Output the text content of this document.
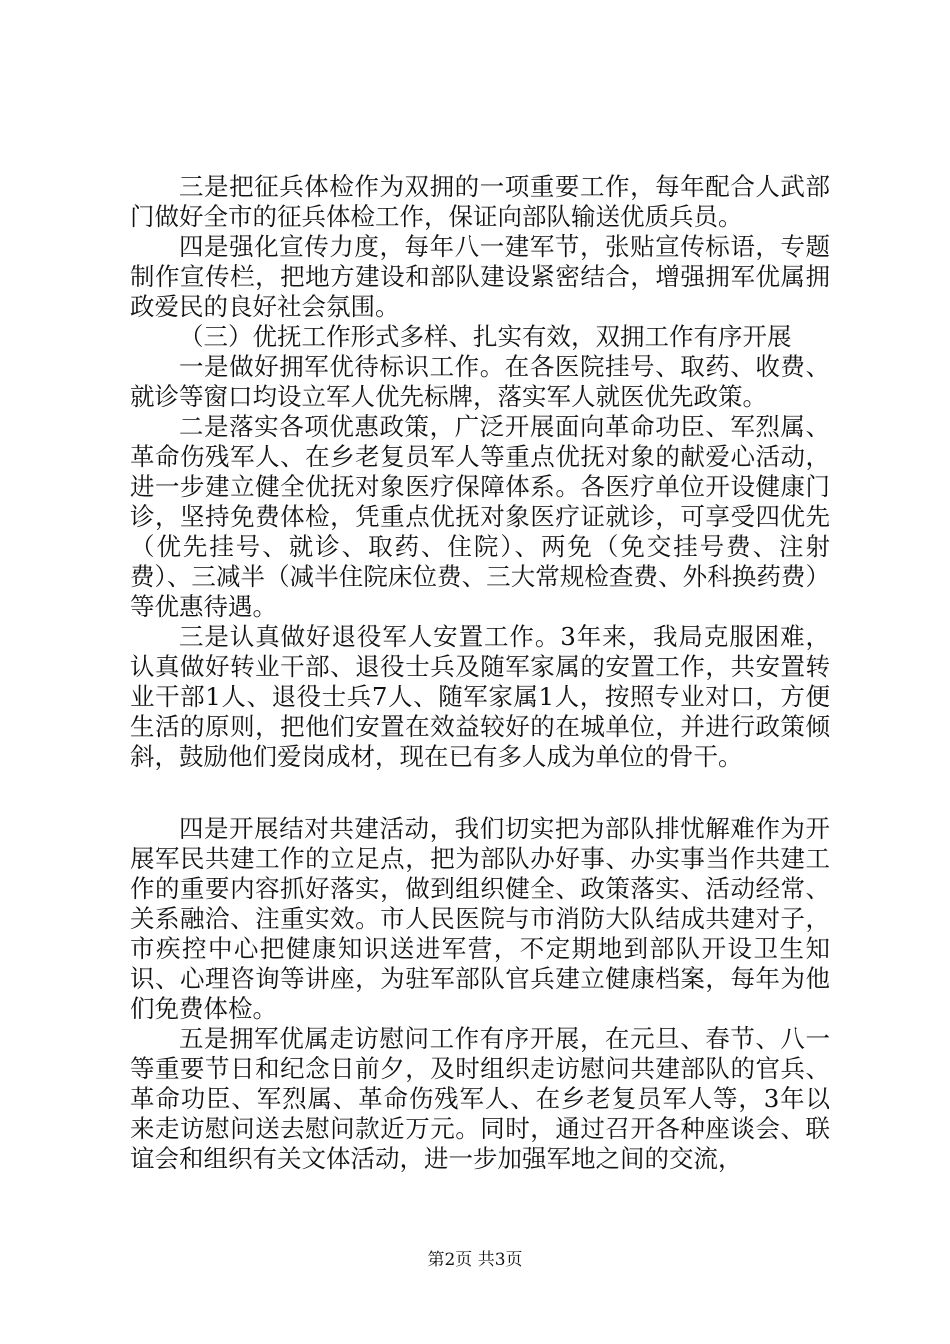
三是把征兵体检作为双拥的一项重要工作，每年配合人武部门做好全市的征兵体检工作，保证向部队输送优质兵员。

四是强化宣传力度，每年八一建军节，张贴宣传标语，专题制作宣传栏，把地方建设和部队建设紧密结合，增强拥军优属拥政爱民的良好社会氛围。

（三）优抚工作形式多样、扎实有效，双拥工作有序开展

一是做好拥军优待标识工作。在各医院挂号、取药、收费、就诊等窗口均设立军人优先标牌，落实军人就医优先政策。

二是落实各项优惠政策，广泛开展面向革命功臣、军烈属、革命伤残军人、在乡老复员军人等重点优抚对象的献爱心活动，进一步建立健全优抚对象医疗保障体系。各医疗单位开设健康门诊，坚持免费体检，凭重点优抚对象医疗证就诊，可享受四优先（优先挂号、就诊、取药、住院）、两免（免交挂号费、注射费）、三减半（减半住院床位费、三大常规检查费、外科换药费）等优惠待遇。

三是认真做好退役军人安置工作。3年来，我局克服困难，认真做好转业干部、退役士兵及随军家属的安置工作，共安置转业干部1人、退役士兵7人、随军家属1人，按照专业对口，方便生活的原则，把他们安置在效益较好的在城单位，并进行政策倾斜，鼓励他们爱岗成材，现在已有多人成为单位的骨干。

四是开展结对共建活动，我们切实把为部队排忧解难作为开展军民共建工作的立足点，把为部队办好事、办实事当作共建工作的重要内容抓好落实，做到组织健全、政策落实、活动经常、关系融洽、注重实效。市人民医院与市消防大队结成共建对子，市疾控中心把健康知识送进军营，不定期地到部队开设卫生知识、心理咨询等讲座，为驻军部队官兵建立健康档案，每年为他们免费体检。

五是拥军优属走访慰问工作有序开展，在元旦、春节、八一等重要节日和纪念日前夕，及时组织走访慰问共建部队的官兵、革命功臣、军烈属、革命伤残军人、在乡老复员军人等，3年以来走访慰问送去慰问款近万元。同时，通过召开各种座谈会、联谊会和组织有关文体活动，进一步加强军地之间的交流，

第2页 共3页
